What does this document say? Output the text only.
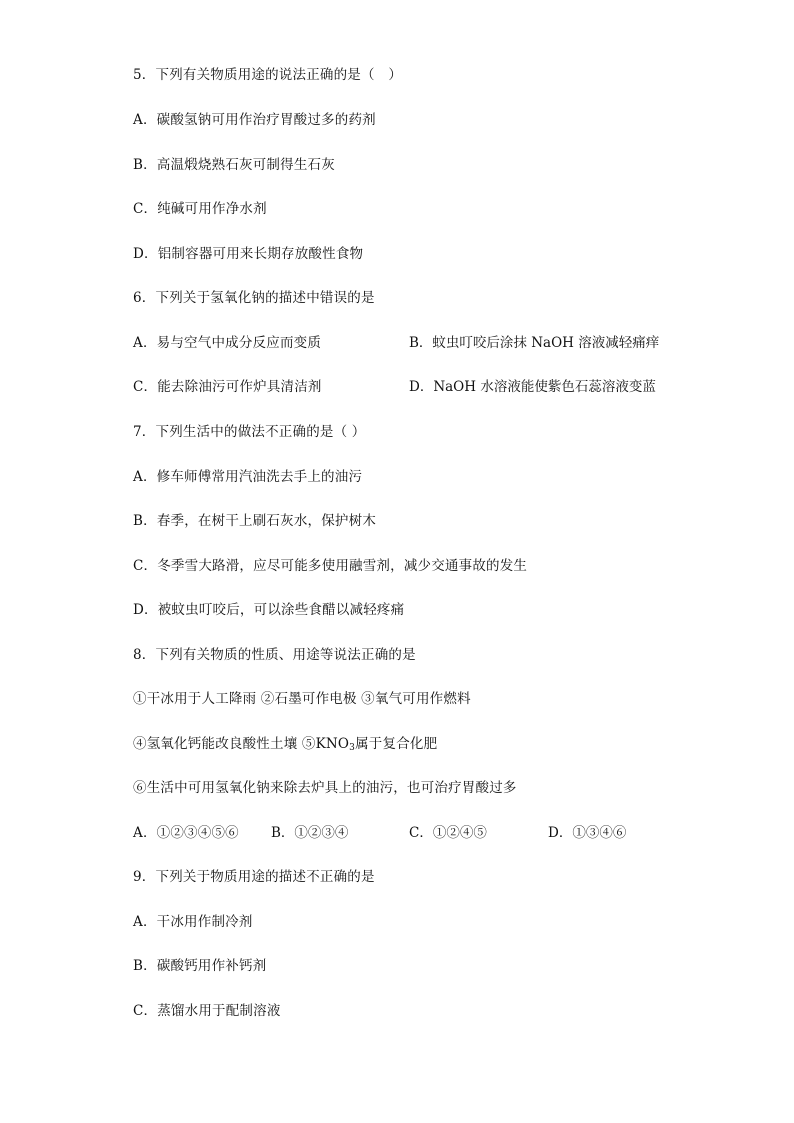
5．下列有关物质用途的说法正确的是（　）
A．碳酸氢钠可用作治疗胃酸过多的药剂
B．高温煅烧熟石灰可制得生石灰
C．纯碱可用作净水剂
D．铝制容器可用来长期存放酸性食物
6．下列关于氢氧化钠的描述中错误的是
A．易与空气中成分反应而变质	B．蚊虫叮咬后涂抹 NaOH 溶液减轻痛痒
C．能去除油污可作炉具清洁剂	D．NaOH 水溶液能使紫色石蕊溶液变蓝
7．下列生活中的做法不正确的是（ ）
A．修车师傅常用汽油洗去手上的油污
B．春季，在树干上刷石灰水，保护树木
C．冬季雪大路滑，应尽可能多使用融雪剂，减少交通事故的发生
D．被蚊虫叮咬后，可以涂些食醋以减轻疼痛
8．下列有关物质的性质、用途等说法正确的是
①干冰用于人工降雨 ②石墨可作电极 ③氧气可用作燃料
④氢氧化钙能改良酸性土壤 $⑤KNO_3$属于复合化肥
⑥生活中可用氢氧化钠来除去炉具上的油污，也可治疗胃酸过多
A．①②③④⑤⑥ B．①②③④	C．①②④⑤	D．①③④⑥
9．下列关于物质用途的描述不正确的是
A．干冰用作制冷剂
B．碳酸钙用作补钙剂
C．蒸馏水用于配制溶液
